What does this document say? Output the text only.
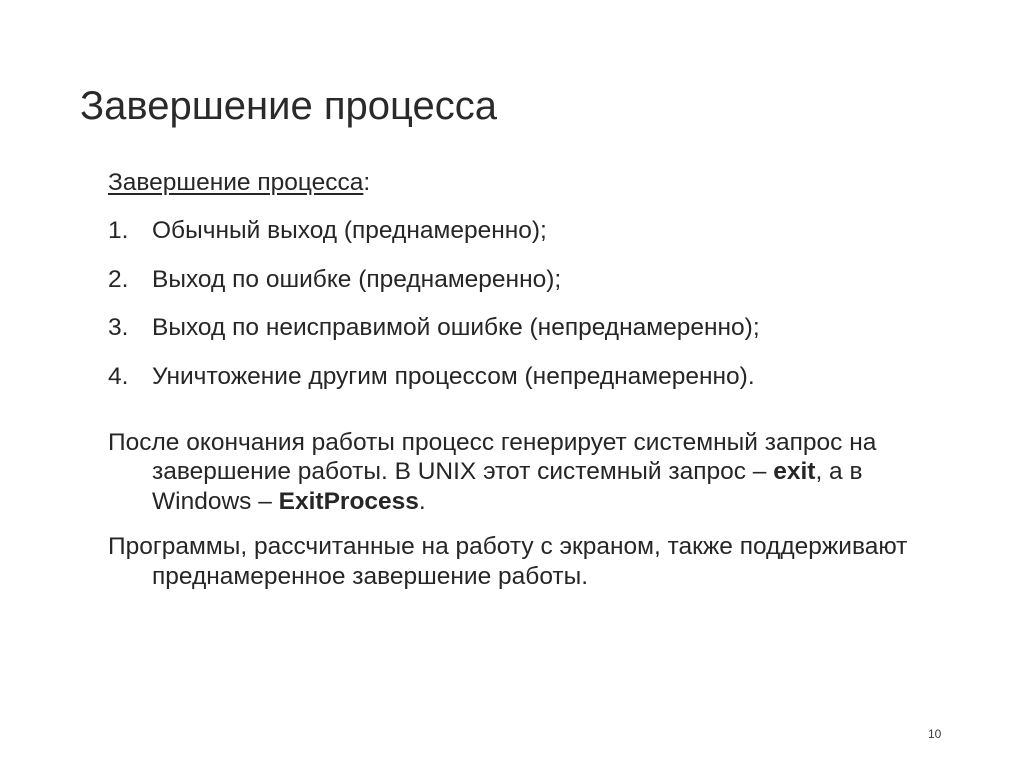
Завершение процесса

Завершение процесса:

1. Обычный выход (преднамеренно);
2. Выход по ошибке (преднамеренно);
3. Выход по неисправимой ошибке (непреднамеренно);
4. Уничтожение другим процессом (непреднамеренно).

После окончания работы процесс генерирует системный запрос на завершение работы. В UNIX этот системный запрос – exit, а в Windows – ExitProcess.

Программы, рассчитанные на работу с экраном, также поддерживают преднамеренное завершение работы.

10
